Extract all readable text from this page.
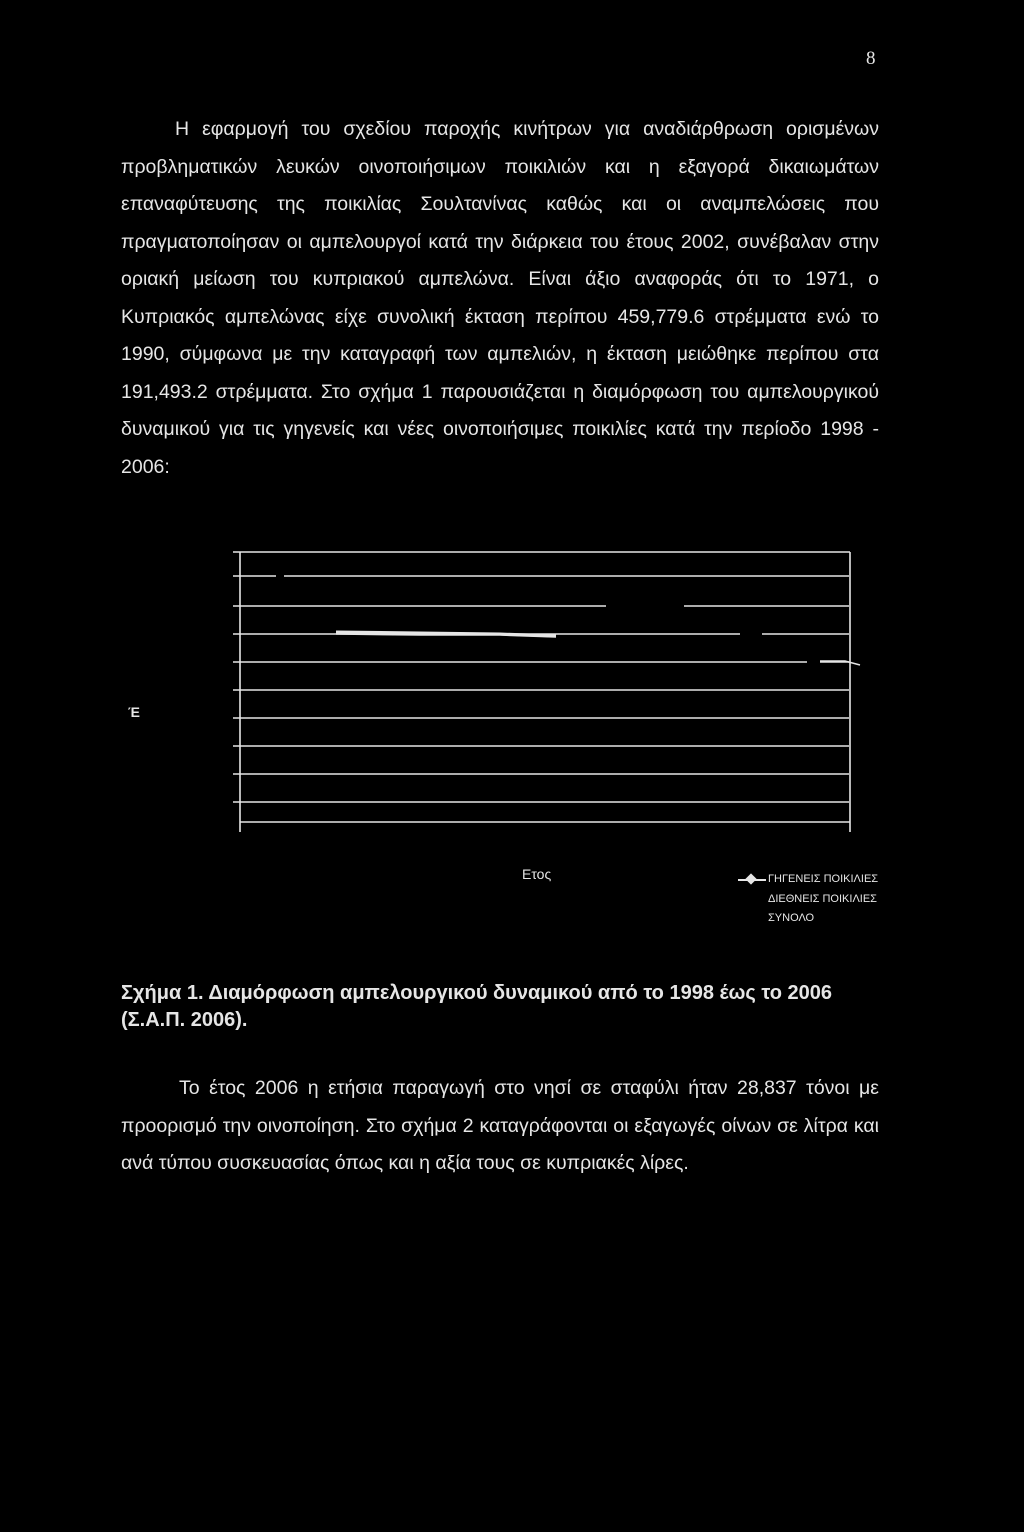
8

Η εφαρμογή του σχεδίου παροχής κινήτρων για αναδιάρθρωση ορισμένων προβληματικών λευκών οινοποιήσιμων ποικιλιών και η εξαγορά δικαιωμάτων επαναφύτευσης της ποικιλίας Σουλτανίνας καθώς και οι αναμπελώσεις που πραγματοποίησαν οι αμπελουργοί κατά την διάρκεια του έτους 2002, συνέβαλαν στην οριακή μείωση του κυπριακού αμπελώνα. Είναι άξιο αναφοράς ότι το 1971, ο Κυπριακός αμπελώνας είχε συνολική έκταση περίπου 459,779.6 στρέμματα ενώ το 1990, σύμφωνα με την καταγραφή των αμπελιών, η έκταση μειώθηκε περίπου στα 191,493.2 στρέμματα. Στο σχήμα 1 παρουσιάζεται η διαμόρφωση του αμπελουργικού δυναμικού για τις γηγενείς και νέες οινοποιήσιμες ποικιλίες κατά την περίοδο 1998 - 2006:

Έ
Ετος	ΓΗΓΕΝΕΙΣ ΠΟΙΚΙΛΙΕΣ
ΔΙΕΘΝΕΙΣ ΠΟΙΚΙΛΙΕΣ
ΣΥΝΟΛΟ

Σχήμα 1. Διαμόρφωση αμπελουργικού δυναμικού από το 1998 έως το 2006 (Σ.Α.Π. 2006).

Το έτος 2006 η ετήσια παραγωγή στο νησί σε σταφύλι ήταν 28,837 τόνοι με προορισμό την οινοποίηση. Στο σχήμα 2 καταγράφονται οι εξαγωγές οίνων σε λίτρα και ανά τύπου συσκευασίας όπως και η αξία τους σε κυπριακές λίρες.
